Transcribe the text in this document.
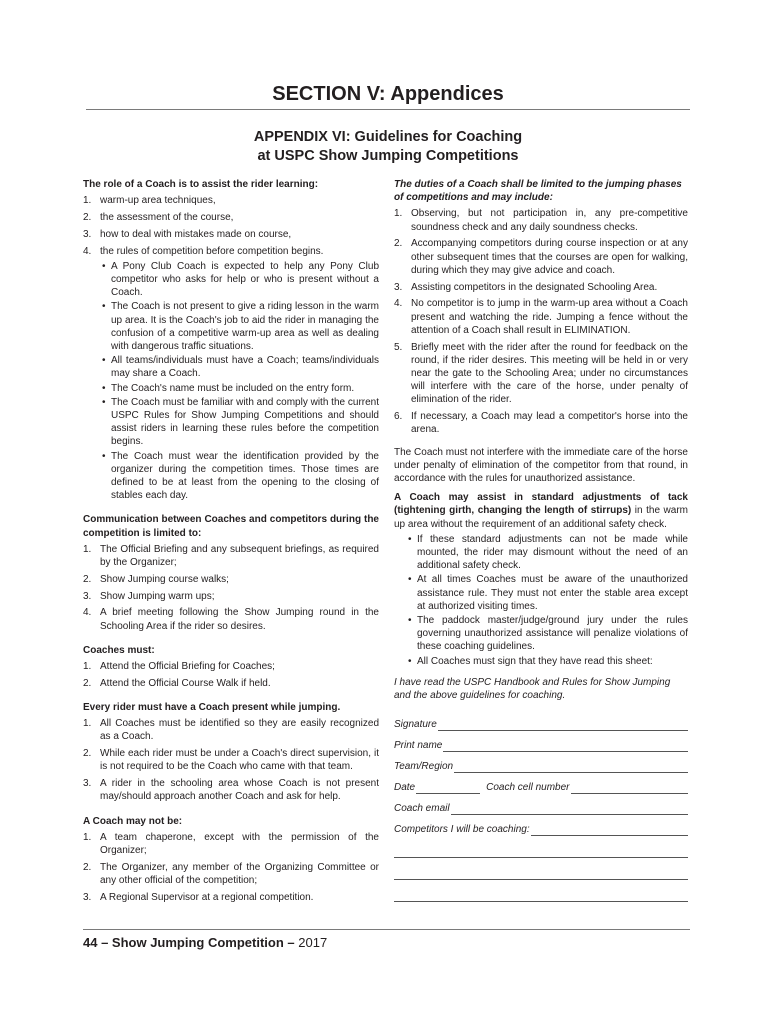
SECTION V: Appendices
APPENDIX VI: Guidelines for Coaching
at USPC Show Jumping Competitions

The role of a Coach is to assist the rider learning:

1. warm-up area techniques,
2. the assessment of the course,
3. how to deal with mistakes made on course,
4. the rules of competition before competition begins.
• A Pony Club Coach is expected to help any Pony Club competitor who asks for help or who is present without a Coach.
• The Coach is not present to give a riding lesson in the warm up area. It is the Coach's job to aid the rider in managing the confusion of a competitive warm-up area as well as dealing with dangerous traffic situations.
• All teams/individuals must have a Coach; teams/individuals may share a Coach.
• The Coach's name must be included on the entry form.
• The Coach must be familiar with and comply with the current USPC Rules for Show Jumping Competitions and should assist riders in learning these rules before the competition begins.
• The Coach must wear the identification provided by the organizer during the competition times. Those times are defined to be at least from the opening to the closing of stables each day.

Communication between Coaches and competitors during the competition is limited to:

1. The Official Briefing and any subsequent briefings, as required by the Organizer;
2. Show Jumping course walks;
3. Show Jumping warm ups;
4. A brief meeting following the Show Jumping round in the Schooling Area if the rider so desires.

Coaches must:

1. Attend the Official Briefing for Coaches;
2. Attend the Official Course Walk if held.

Every rider must have a Coach present while jumping.

1. All Coaches must be identified so they are easily recognized as a Coach.
2. While each rider must be under a Coach's direct supervision, it is not required to be the Coach who came with that team.
3. A rider in the schooling area whose Coach is not present may/should approach another Coach and ask for help.

A Coach may not be:

1. A team chaperone, except with the permission of the Organizer;
2. The Organizer, any member of the Organizing Committee or any other official of the competition;
3. A Regional Supervisor at a regional competition.

The duties of a Coach shall be limited to the jumping phases of competitions and may include:

1. Observing, but not participation in, any pre-competitive soundness check and any daily soundness checks.
2. Accompanying competitors during course inspection or at any other subsequent times that the courses are open for walking, during which they may give advice and coach.
3. Assisting competitors in the designated Schooling Area.
4. No competitor is to jump in the warm-up area without a Coach present and watching the ride. Jumping a fence without the attention of a Coach shall result in ELIMINATION.
5. Briefly meet with the rider after the round for feedback on the round, if the rider desires. This meeting will be held in or very near the gate to the Schooling Area; under no circumstances will interfere with the care of the horse, under penalty of elimination of the rider.
6. If necessary, a Coach may lead a competitor's horse into the arena.

The Coach must not interfere with the immediate care of the horse under penalty of elimination of the competitor from that round, in accordance with the rules for unauthorized assistance.

A Coach may assist in standard adjustments of tack (tightening girth, changing the length of stirrups) in the warm up area without the requirement of an additional safety check.

• If these standard adjustments can not be made while mounted, the rider may dismount without the need of an additional safety check.
• At all times Coaches must be aware of the unauthorized assistance rule. They must not enter the stable area except at authorized visiting times.
• The paddock master/judge/ground jury under the rules governing unauthorized assistance will penalize violations of these coaching guidelines.
• All Coaches must sign that they have read this sheet:

I have read the USPC Handbook and Rules for Show Jumping and the above guidelines for coaching.

Signature
Print name
Team/Region
Date	Coach cell number
Coach email
Competitors I will be coaching:
44 – Show Jumping Competition – 2017
